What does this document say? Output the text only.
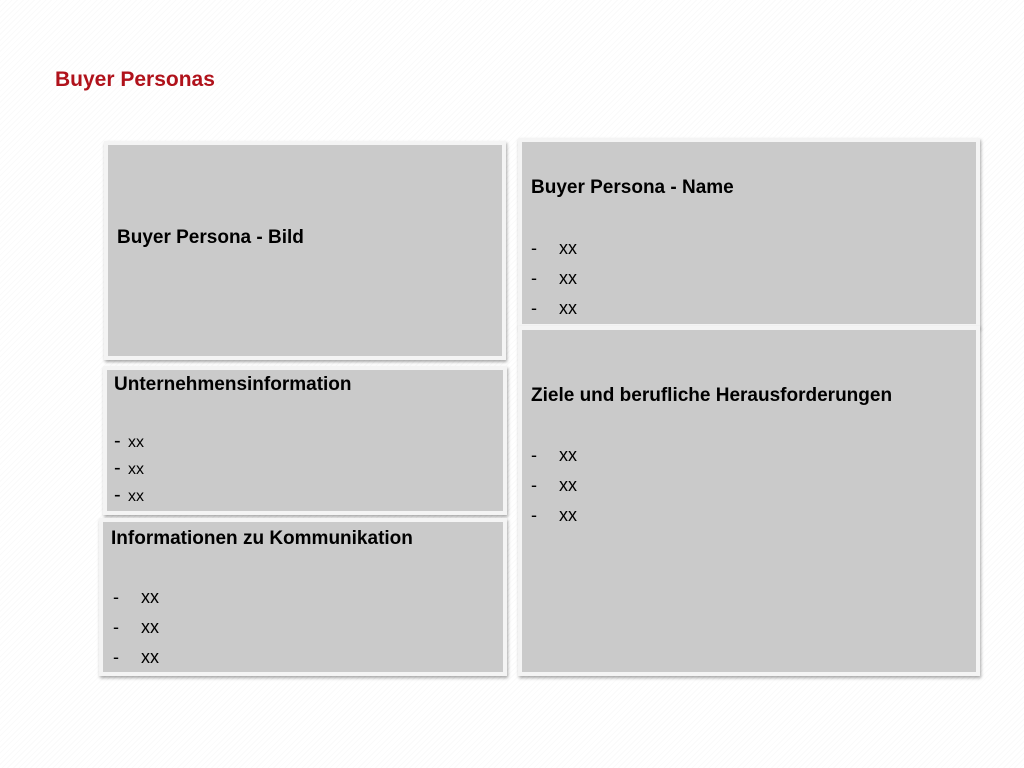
Buyer Personas
Buyer Persona - Bild
Buyer Persona - Name
- xx
- xx
- xx
Unternehmensinformation
- xx
- xx
- xx
Informationen zu Kommunikation
- xx
- xx
- xx
Ziele und berufliche Herausforderungen
- xx
- xx
- xx
